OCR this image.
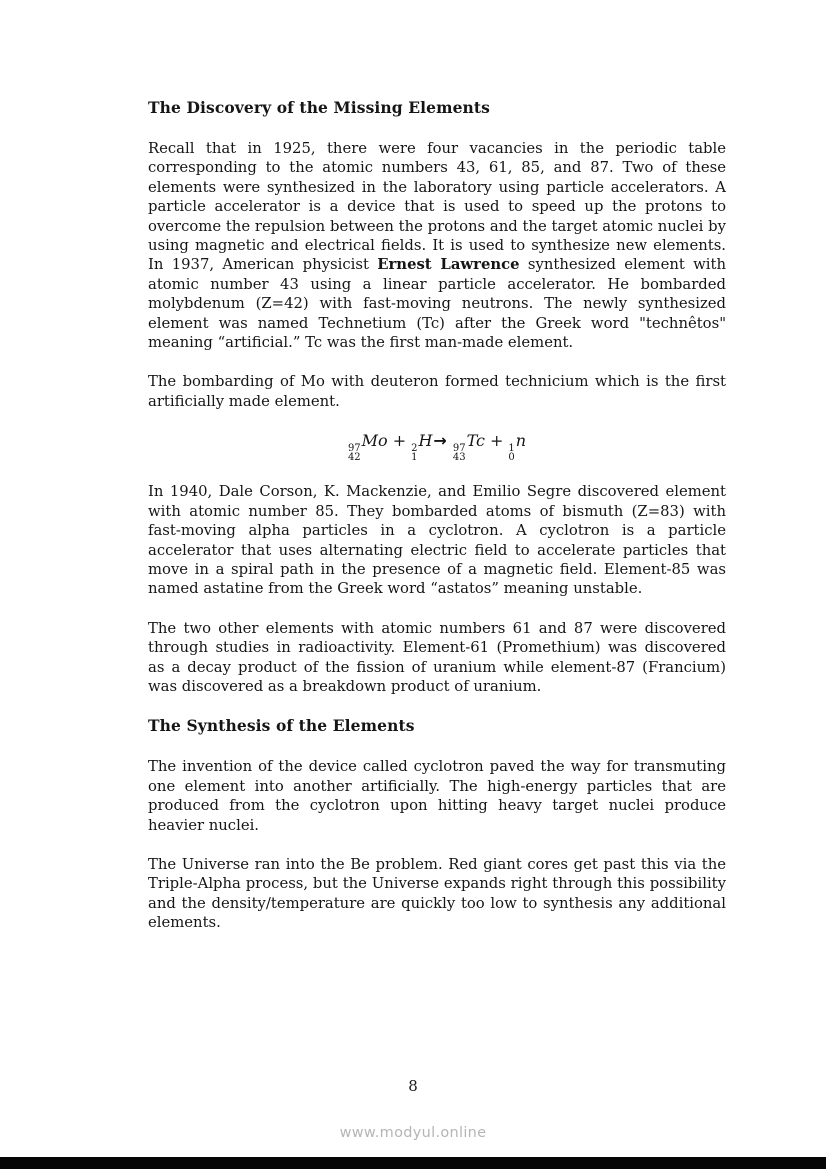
The Discovery of the Missing Elements

Recall that in 1925, there were four vacancies in the periodic table corresponding to the atomic numbers 43, 61, 85, and 87. Two of these elements were synthesized in the laboratory using particle accelerators. A particle accelerator is a device that is used to speed up the protons to overcome the repulsion between the protons and the target atomic nuclei by using magnetic and electrical fields. It is used to synthesize new elements. In 1937, American physicist Ernest Lawrence synthesized element with atomic number 43 using a linear particle accelerator. He bombarded molybdenum (Z=42) with fast-moving neutrons. The newly synthesized element was named Technetium (Tc) after the Greek word "technêtos" meaning “artificial.” Tc was the first man-made element.

The bombarding of Mo with deuteron formed technicium which is the first artificially made element.

97
42
Mo + 2
1
H→ 97
43
Tc + 1
0
n

In 1940, Dale Corson, K. Mackenzie, and Emilio Segre discovered element with atomic number 85. They bombarded atoms of bismuth (Z=83) with fast-moving alpha particles in a cyclotron. A cyclotron is a particle accelerator that uses alternating electric field to accelerate particles that move in a spiral path in the presence of a magnetic field. Element-85 was named astatine from the Greek word “astatos” meaning unstable.

The two other elements with atomic numbers 61 and 87 were discovered through studies in radioactivity. Element-61 (Promethium) was discovered as a decay product of the fission of uranium while element-87 (Francium) was discovered as a breakdown product of uranium.

The Synthesis of the Elements

The invention of the device called cyclotron paved the way for transmuting one element into another artificially. The high-energy particles that are produced from the cyclotron upon hitting heavy target nuclei produce heavier nuclei.

The Universe ran into the Be problem. Red giant cores get past this via the Triple-Alpha process, but the Universe expands right through this possibility and the density/temperature are quickly too low to synthesis any additional elements.

8
www.modyul.online
